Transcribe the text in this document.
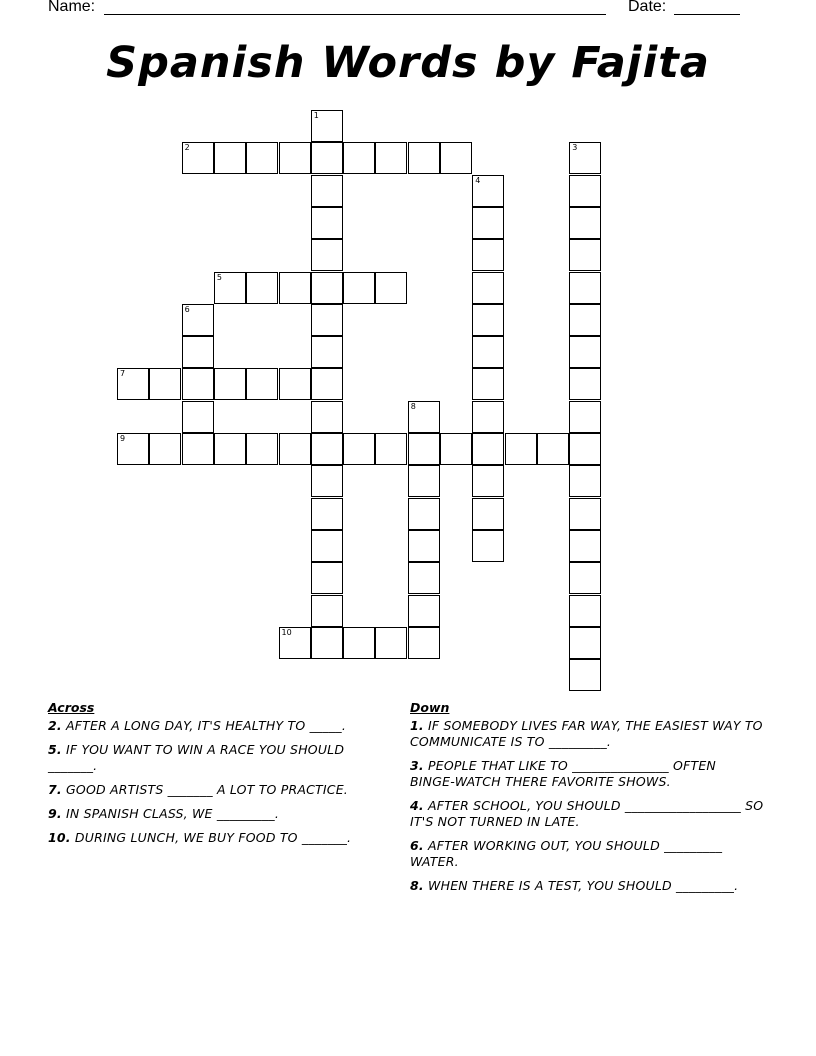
Name:	Date:
Spanish Words by Fajita
1
2	3
4
5
6
7
8
9
10
Across
2. AFTER A LONG DAY, IT'S HEALTHY TO _____.
5. IF YOU WANT TO WIN A RACE YOU SHOULD _______.
7. GOOD ARTISTS _______ A LOT TO PRACTICE.
9. IN SPANISH CLASS, WE _________.
10. DURING LUNCH, WE BUY FOOD TO _______.
Down
1. IF SOMEBODY LIVES FAR WAY, THE EASIEST WAY TO COMMUNICATE IS TO _________.
3. PEOPLE THAT LIKE TO _______________ OFTEN BINGE-WATCH THERE FAVORITE SHOWS.
4. AFTER SCHOOL, YOU SHOULD __________________ SO IT'S NOT TURNED IN LATE.
6. AFTER WORKING OUT, YOU SHOULD _________ WATER.
8. WHEN THERE IS A TEST, YOU SHOULD _________.
